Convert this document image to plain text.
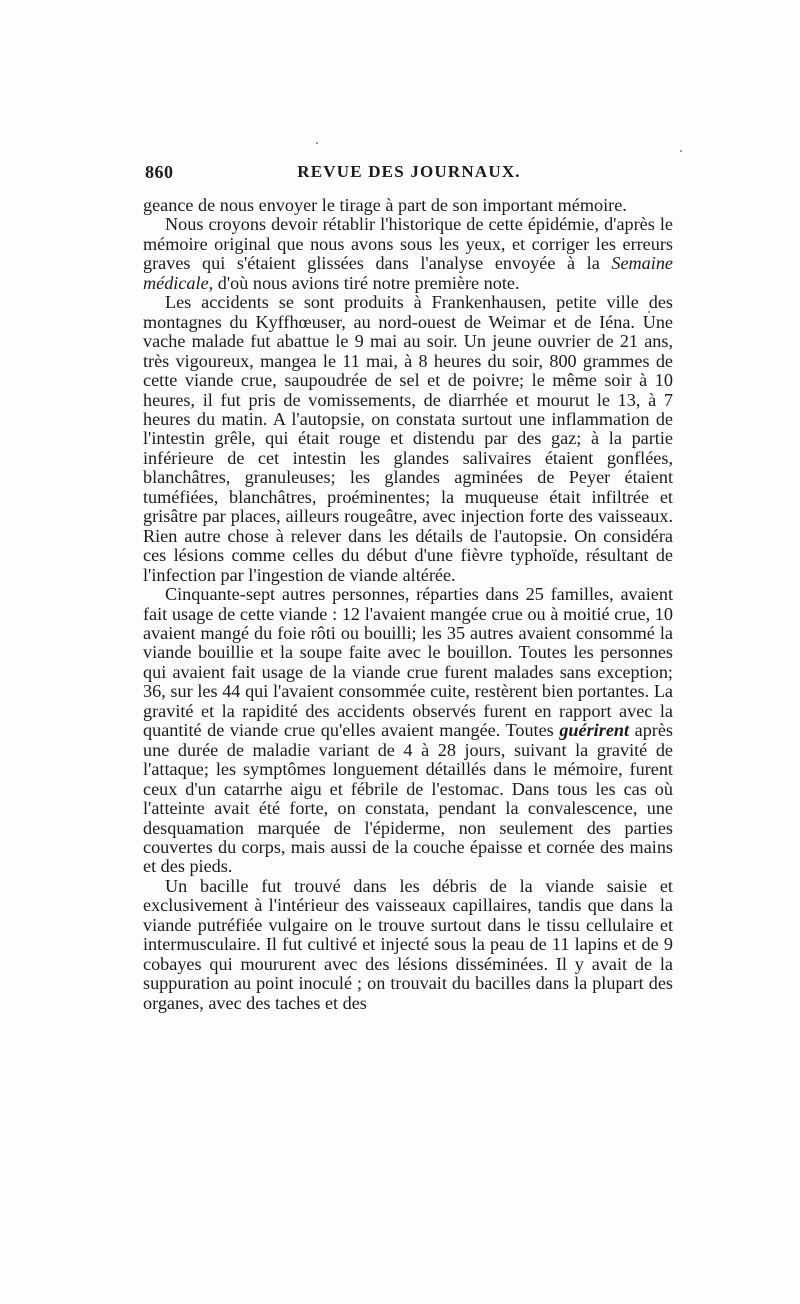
860	REVUE DES JOURNAUX.

geance de nous envoyer le tirage à part de son important mémoire.

Nous croyons devoir rétablir l'historique de cette épidémie, d'après le mémoire original que nous avons sous les yeux, et corriger les erreurs graves qui s'étaient glissées dans l'analyse envoyée à la Semaine médicale, d'où nous avions tiré notre première note.

Les accidents se sont produits à Frankenhausen, petite ville des montagnes du Kyffhœuser, au nord-ouest de Weimar et de Iéna. Une vache malade fut abattue le 9 mai au soir. Un jeune ouvrier de 21 ans, très vigoureux, mangea le 11 mai, à 8 heures du soir, 800 grammes de cette viande crue, saupoudrée de sel et de poivre; le même soir à 10 heures, il fut pris de vomissements, de diarrhée et mourut le 13, à 7 heures du matin. A l'autopsie, on constata surtout une inflammation de l'intestin grêle, qui était rouge et distendu par des gaz; à la partie inférieure de cet intestin les glandes salivaires étaient gonflées, blanchâtres, granuleuses; les glandes agminées de Peyer étaient tuméfiées, blanchâtres, proéminentes; la muqueuse était infiltrée et grisâtre par places, ailleurs rougeâtre, avec injection forte des vaisseaux. Rien autre chose à relever dans les détails de l'autopsie. On considéra ces lésions comme celles du début d'une fièvre typhoïde, résultant de l'infection par l'ingestion de viande altérée.

Cinquante-sept autres personnes, réparties dans 25 familles, avaient fait usage de cette viande : 12 l'avaient mangée crue ou à moitié crue, 10 avaient mangé du foie rôti ou bouilli; les 35 autres avaient consommé la viande bouillie et la soupe faite avec le bouillon. Toutes les personnes qui avaient fait usage de la viande crue furent malades sans exception; 36, sur les 44 qui l'avaient consommée cuite, restèrent bien portantes. La gravité et la rapidité des accidents observés furent en rapport avec la quantité de viande crue qu'elles avaient mangée. Toutes guérirent après une durée de maladie variant de 4 à 28 jours, suivant la gravité de l'attaque; les symptômes longuement détaillés dans le mémoire, furent ceux d'un catarrhe aigu et fébrile de l'estomac. Dans tous les cas où l'atteinte avait été forte, on constata, pendant la convalescence, une desquamation marquée de l'épiderme, non seulement des parties couvertes du corps, mais aussi de la couche épaisse et cornée des mains et des pieds.

Un bacille fut trouvé dans les débris de la viande saisie et exclusivement à l'intérieur des vaisseaux capillaires, tandis que dans la viande putréfiée vulgaire on le trouve surtout dans le tissu cellulaire et intermusculaire. Il fut cultivé et injecté sous la peau de 11 lapins et de 9 cobayes qui moururent avec des lésions disséminées. Il y avait de la suppuration au point inoculé ; on trouvait du bacilles dans la plupart des organes, avec des taches et des
